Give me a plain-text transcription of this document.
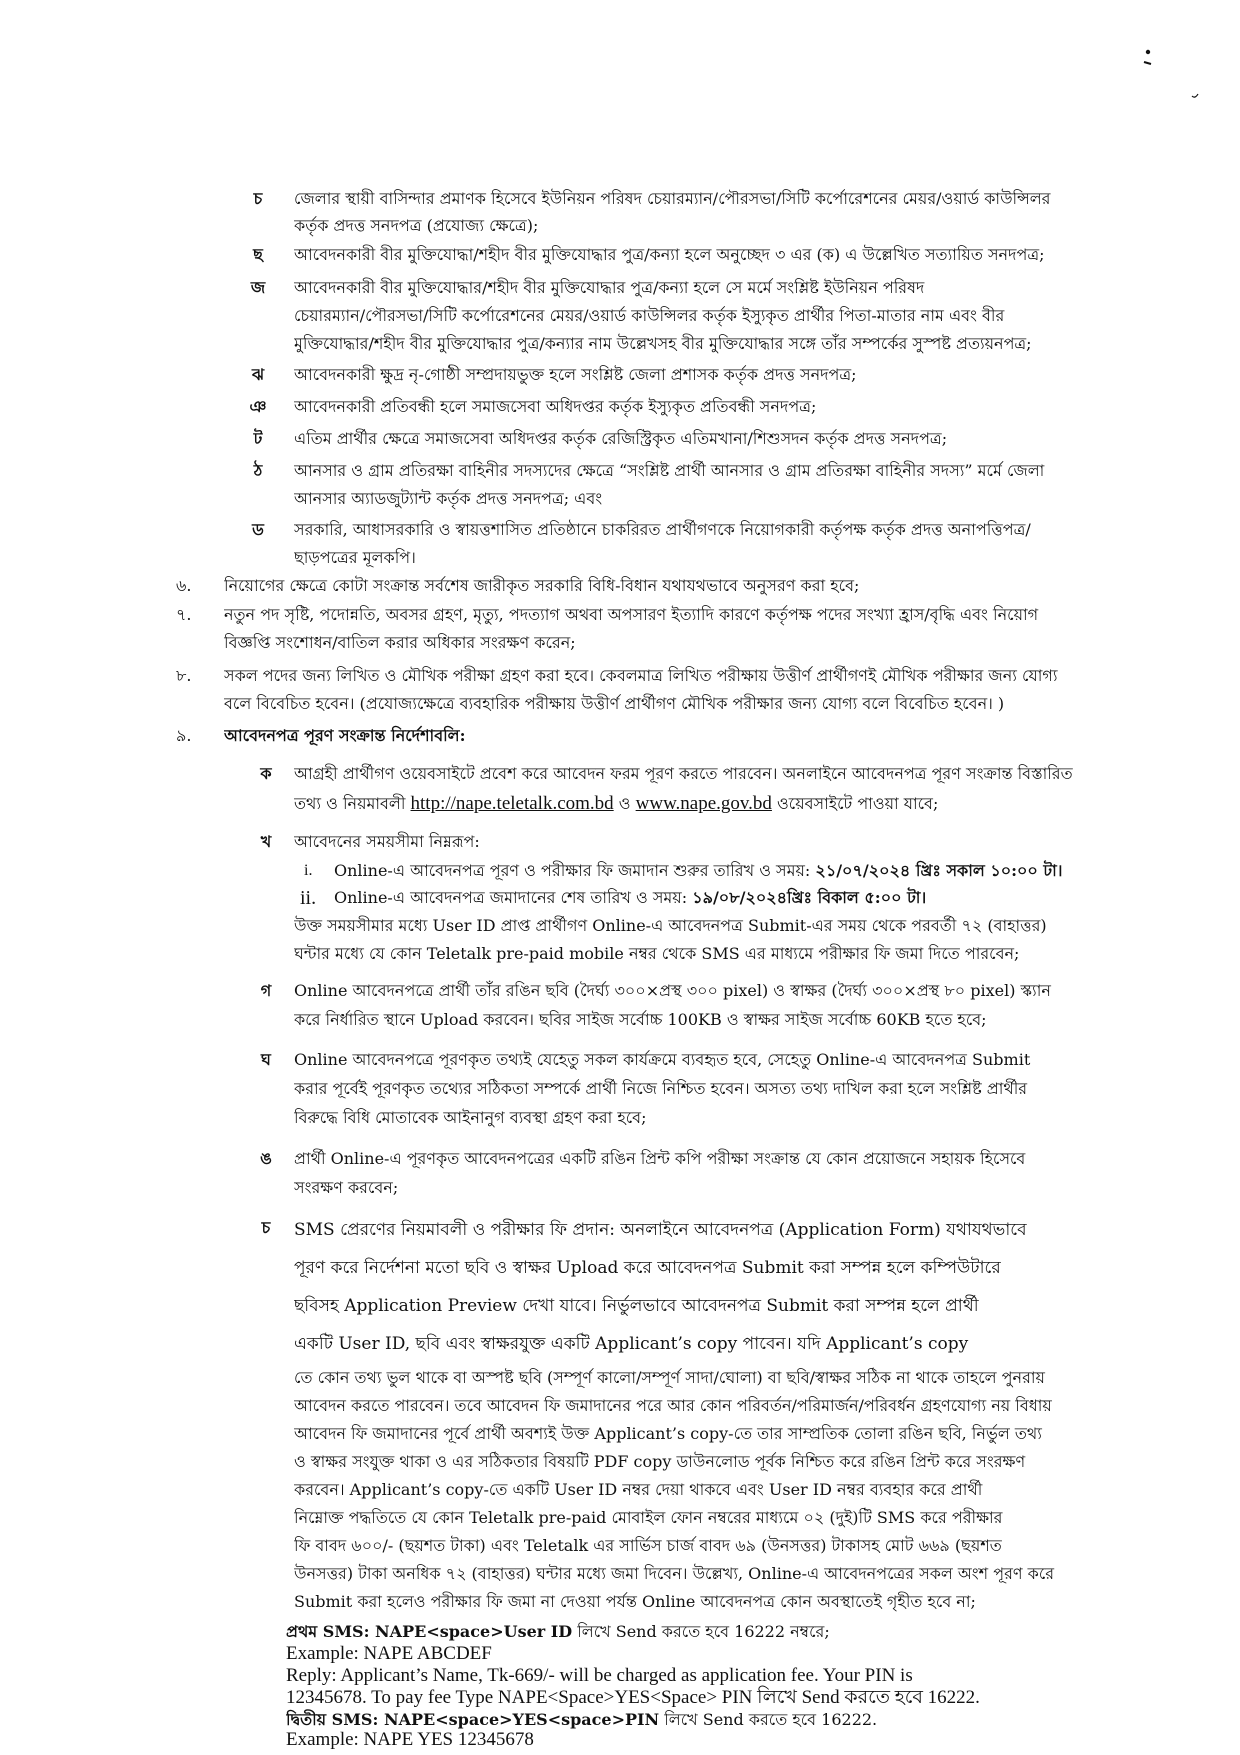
চ	জেলার স্থায়ী বাসিন্দার প্রমাণক হিসেবে ইউনিয়ন পরিষদ চেয়ারম্যান/পৌরসভা/সিটি কর্পোরেশনের মেয়র/ওয়ার্ড কাউন্সিলর
কর্তৃক প্রদত্ত সনদপত্র (প্রযোজ্য ক্ষেত্রে);
ছ	আবেদনকারী বীর মুক্তিযোদ্ধা/শহীদ বীর মুক্তিযোদ্ধার পুত্র/কন্যা হলে অনুচ্ছেদ ৩ এর (ক) এ উল্লেখিত সত্যায়িত সনদপত্র;
জ	আবেদনকারী বীর মুক্তিযোদ্ধার/শহীদ বীর মুক্তিযোদ্ধার পুত্র/কন্যা হলে সে মর্মে সংশ্লিষ্ট ইউনিয়ন পরিষদ
চেয়ারম্যান/পৌরসভা/সিটি কর্পোরেশনের মেয়র/ওয়ার্ড কাউন্সিলর কর্তৃক ইস্যুকৃত প্রার্থীর পিতা-মাতার নাম এবং বীর
মুক্তিযোদ্ধার/শহীদ বীর মুক্তিযোদ্ধার পুত্র/কন্যার নাম উল্লেখসহ বীর মুক্তিযোদ্ধার সঙ্গে তাঁর সম্পর্কের সুস্পষ্ট প্রত্যয়নপত্র;
ঝ	আবেদনকারী ক্ষুদ্র নৃ-গোষ্ঠী সম্প্রদায়ভুক্ত হলে সংশ্লিষ্ট জেলা প্রশাসক কর্তৃক প্রদত্ত সনদপত্র;
ঞ আবেদনকারী প্রতিবন্ধী হলে সমাজসেবা অধিদপ্তর কর্তৃক ইস্যুকৃত প্রতিবন্ধী সনদপত্র;
ট	এতিম প্রার্থীর ক্ষেত্রে সমাজসেবা অধিদপ্তর কর্তৃক রেজিস্ট্রিকৃত এতিমখানা/শিশুসদন কর্তৃক প্রদত্ত সনদপত্র;
ঠ	আনসার ও গ্রাম প্রতিরক্ষা বাহিনীর সদস্যদের ক্ষেত্রে “সংশ্লিষ্ট প্রার্থী আনসার ও গ্রাম প্রতিরক্ষা বাহিনীর সদস্য” মর্মে জেলা
আনসার অ্যাডজুট্যান্ট কর্তৃক প্রদত্ত সনদপত্র; এবং
ড	সরকারি, আধাসরকারি ও স্বায়ত্তশাসিত প্রতিষ্ঠানে চাকরিরত প্রার্থীগণকে নিয়োগকারী কর্তৃপক্ষ কর্তৃক প্রদত্ত অনাপত্তিপত্র/
ছাড়পত্রের মূলকপি।
৬. নিয়োগের ক্ষেত্রে কোটা সংক্রান্ত সর্বশেষ জারীকৃত সরকারি বিধি-বিধান যথাযথভাবে অনুসরণ করা হবে;
৭. নতুন পদ সৃষ্টি, পদোন্নতি, অবসর গ্রহণ, মৃত্যু, পদত্যাগ অথবা অপসারণ ইত্যাদি কারণে কর্তৃপক্ষ পদের সংখ্যা হ্রাস/বৃদ্ধি এবং নিয়োগ
বিজ্ঞপ্তি সংশোধন/বাতিল করার অধিকার সংরক্ষণ করেন;
৮. সকল পদের জন্য লিখিত ও মৌখিক পরীক্ষা গ্রহণ করা হবে। কেবলমাত্র লিখিত পরীক্ষায় উত্তীর্ণ প্রার্থীগণই মৌখিক পরীক্ষার জন্য যোগ্য
বলে বিবেচিত হবেন। (প্রযোজ্যক্ষেত্রে ব্যবহারিক পরীক্ষায় উত্তীর্ণ প্রার্থীগণ মৌখিক পরীক্ষার জন্য যোগ্য বলে বিবেচিত হবেন। )
৯. আবেদনপত্র পূরণ সংক্রান্ত নির্দেশাবলি:
ক	আগ্রহী প্রার্থীগণ ওয়েবসাইটে প্রবেশ করে আবেদন ফরম পূরণ করতে পারবেন। অনলাইনে আবেদনপত্র পূরণ সংক্রান্ত বিস্তারিত
তথ্য ও নিয়মাবলী http://nape.teletalk.com.bd ও www.nape.gov.bd ওয়েবসাইটে পাওয়া যাবে;
খ	আবেদনের সময়সীমা নিম্নরূপ:
i. Online-এ আবেদনপত্র পূরণ ও পরীক্ষার ফি জমাদান শুরুর তারিখ ও সময়: ২১/০৭/২০২৪ খ্রিঃ সকাল ১০:০০ টা।
ii. Online-এ আবেদনপত্র জমাদানের শেষ তারিখ ও সময়: ১৯/০৮/২০২৪খ্রিঃ বিকাল ৫:০০ টা।
উক্ত সময়সীমার মধ্যে User ID প্রাপ্ত প্রার্থীগণ Online-এ আবেদনপত্র Submit-এর সময় থেকে পরবর্তী ৭২ (বাহাত্তর)
ঘন্টার মধ্যে যে কোন Teletalk pre-paid mobile নম্বর থেকে SMS এর মাধ্যমে পরীক্ষার ফি জমা দিতে পারবেন;
গ	Online আবেদনপত্রে প্রার্থী তাঁর রঙিন ছবি (দৈর্ঘ্য ৩০০×প্রস্থ ৩০০ pixel) ও স্বাক্ষর (দৈর্ঘ্য ৩০০×প্রস্থ ৮০ pixel) স্ক্যান
করে নির্ধারিত স্থানে Upload করবেন। ছবির সাইজ সর্বোচ্চ 100KB ও স্বাক্ষর সাইজ সর্বোচ্চ 60KB হতে হবে;
ঘ	Online আবেদনপত্রে পূরণকৃত তথ্যই যেহেতু সকল কার্যক্রমে ব্যবহৃত হবে, সেহেতু Online-এ আবেদনপত্র Submit
করার পূর্বেই পূরণকৃত তথ্যের সঠিকতা সম্পর্কে প্রার্থী নিজে নিশ্চিত হবেন। অসত্য তথ্য দাখিল করা হলে সংশ্লিষ্ট প্রার্থীর
বিরুদ্ধে বিধি মোতাবেক আইনানুগ ব্যবস্থা গ্রহণ করা হবে;
ঙ	প্রার্থী Online-এ পূরণকৃত আবেদনপত্রের একটি রঙিন প্রিন্ট কপি পরীক্ষা সংক্রান্ত যে কোন প্রয়োজনে সহায়ক হিসেবে
সংরক্ষণ করবেন;
চ	SMS প্রেরণের নিয়মাবলী ও পরীক্ষার ফি প্রদান: অনলাইনে আবেদনপত্র (Application Form) যথাযথভাবে
পূরণ করে নির্দেশনা মতো ছবি ও স্বাক্ষর Upload করে আবেদনপত্র Submit করা সম্পন্ন হলে কম্পিউটারে
ছবিসহ Application Preview দেখা যাবে। নির্ভুলভাবে আবেদনপত্র Submit করা সম্পন্ন হলে প্রার্থী
একটি User ID, ছবি এবং স্বাক্ষরযুক্ত একটি Applicant’s copy পাবেন। যদি Applicant’s copy
তে কোন তথ্য ভুল থাকে বা অস্পষ্ট ছবি (সম্পূর্ণ কালো/সম্পূর্ণ সাদা/ঘোলা) বা ছবি/স্বাক্ষর সঠিক না থাকে তাহলে পুনরায়
আবেদন করতে পারবেন। তবে আবেদন ফি জমাদানের পরে আর কোন পরিবর্তন/পরিমার্জন/পরিবর্ধন গ্রহণযোগ্য নয় বিধায়
আবেদন ফি জমাদানের পূর্বে প্রার্থী অবশ্যই উক্ত Applicant’s copy-তে তার সাম্প্রতিক তোলা রঙিন ছবি, নির্ভুল তথ্য
ও স্বাক্ষর সংযুক্ত থাকা ও এর সঠিকতার বিষয়টি PDF copy ডাউনলোড পূর্বক নিশ্চিত করে রঙিন প্রিন্ট করে সংরক্ষণ
করবেন। Applicant’s copy-তে একটি User ID নম্বর দেয়া থাকবে এবং User ID নম্বর ব্যবহার করে প্রার্থী
নিম্নোক্ত পদ্ধতিতে যে কোন Teletalk pre-paid মোবাইল ফোন নম্বরের মাধ্যমে ০২ (দুই)টি SMS করে পরীক্ষার
ফি বাবদ ৬০০/- (ছয়শত টাকা) এবং Teletalk এর সার্ভিস চার্জ বাবদ ৬৯ (উনসত্তর) টাকাসহ মোট ৬৬৯ (ছয়শত
উনসত্তর) টাকা অনধিক ৭২ (বাহাত্তর) ঘন্টার মধ্যে জমা দিবেন। উল্লেখ্য, Online-এ আবেদনপত্রের সকল অংশ পূরণ করে
Submit করা হলেও পরীক্ষার ফি জমা না দেওয়া পর্যন্ত Online আবেদনপত্র কোন অবস্থাতেই গৃহীত হবে না;
প্রথম SMS: NAPE<space>User ID লিখে Send করতে হবে 16222 নম্বরে;
Example: NAPE ABCDEF
Reply: Applicant’s Name, Tk-669/- will be charged as application fee. Your PIN is
12345678. To pay fee Type NAPE<Space>YES<Space> PIN লিখে Send করতে হবে 16222.
দ্বিতীয় SMS: NAPE<space>YES<space>PIN লিখে Send করতে হবে 16222.
Example: NAPE YES 12345678
